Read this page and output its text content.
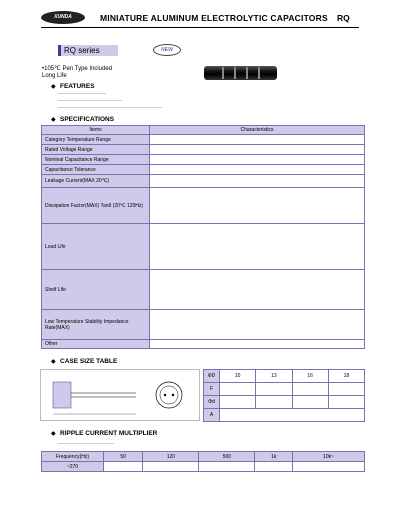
XUNDA	MINIATURE ALUMINUM ELECTROLYTIC CAPACITORS RQ
RQ series	NEW
•105℃ Pen Type Included
Long Life
◆ FEATURES
◆ SPECIFICATIONS
Items	Characteristics
Category Temperature Range	
Rated Voltage Range	
Nominal Capacitance Range	
Capacitance Tolerance	
Leakage Current(MAX 20℃)	
Dissipation Factor(MAX) Tanδ (20℃ 120Hz)	
Load Life	
Shelf Life	
Low Temperature Stability Impedance Rate(MAX)	
Other	
◆ CASE SIZE TABLE
ΦD	10	13	16	18
F				
Φd				
A				
◆ RIPPLE CURRENT MULTIPLIER
Frequency(Hz)	50	120	500	1k	10k~
~270					
